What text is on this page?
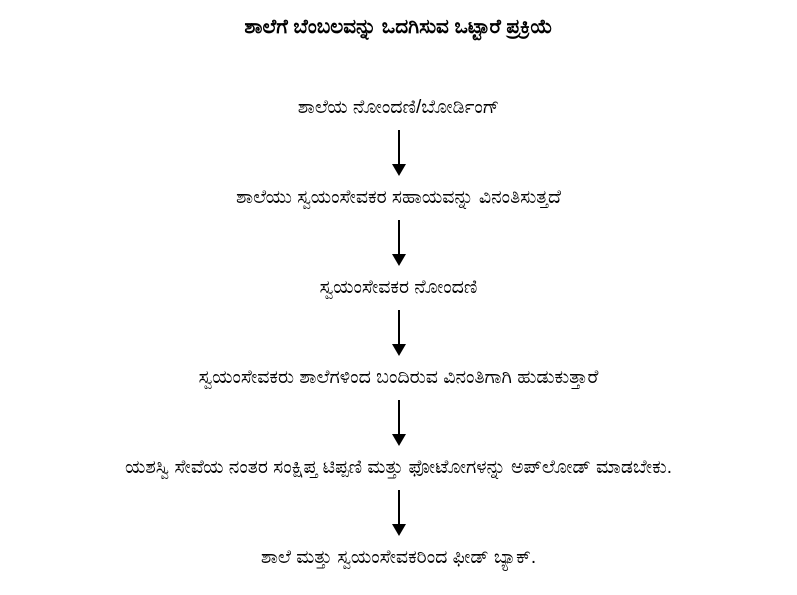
ಶಾಲೆಗೆ ಬೆಂಬಲವನ್ನು ಒದಗಿಸುವ ಒಟ್ಟಾರೆ ಪ್ರಕ್ರಿಯೆ
ಶಾಲೆಯ ನೋಂದಣಿ/ಬೋರ್ಡಿಂಗ್
ಶಾಲೆಯು ಸ್ವಯಂಸೇವಕರ ಸಹಾಯವನ್ನು ವಿನಂತಿಸುತ್ತದೆ
ಸ್ವಯಂಸೇವಕರ ನೋಂದಣಿ
ಸ್ವಯಂಸೇವಕರು ಶಾಲೆಗಳಿಂದ ಬಂದಿರುವ ವಿನಂತಿಗಾಗಿ ಹುಡುಕುತ್ತಾರೆ
ಯಶಸ್ವಿ ಸೇವೆಯ ನಂತರ ಸಂಕ್ಷಿಪ್ತ ಟಿಪ್ಪಣಿ ಮತ್ತು ಫೋಟೋಗಳನ್ನು ಅಪ್‌ಲೋಡ್ ಮಾಡಬೇಕು.
ಶಾಲೆ ಮತ್ತು ಸ್ವಯಂಸೇವಕರಿಂದ ಫೀಡ್ ಬ್ಯಾಕ್.
